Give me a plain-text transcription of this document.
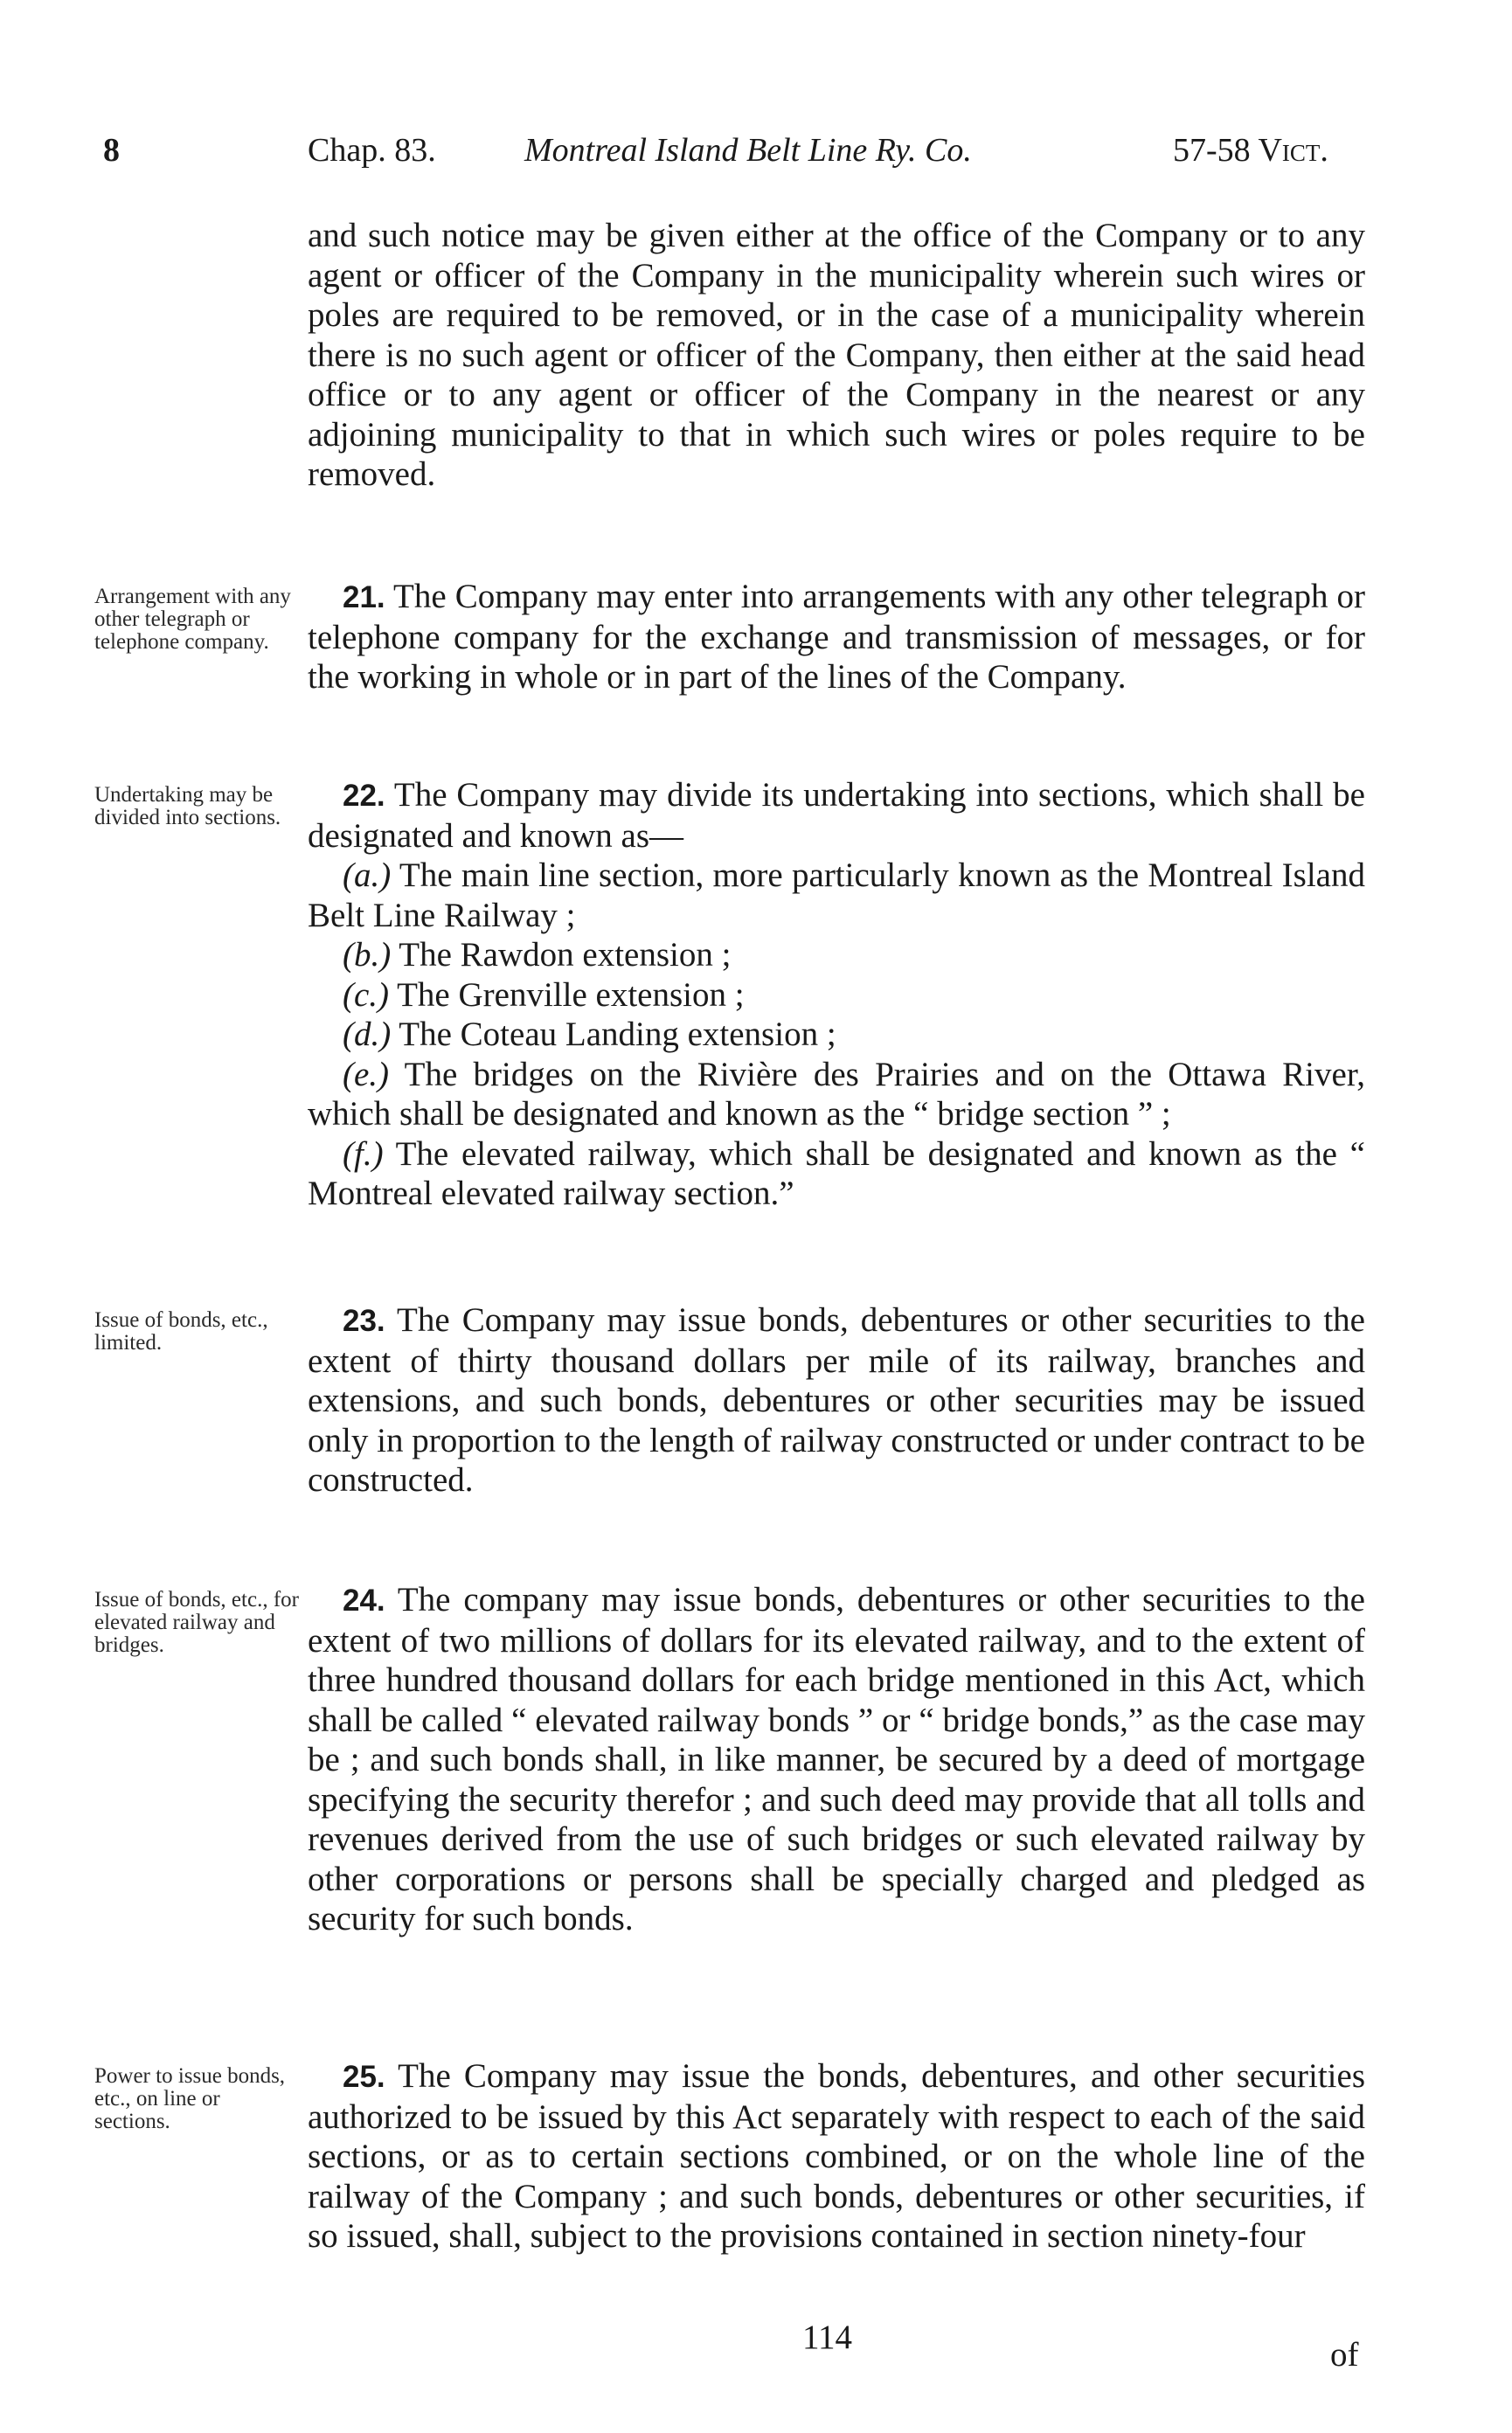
8	Chap. 83.	Montreal Island Belt Line Ry. Co.	57-58 Vict.

and such notice may be given either at the office of the Company or to any agent or officer of the Company in the municipality wherein such wires or poles are required to be removed, or in the case of a municipality wherein there is no such agent or officer of the Company, then either at the said head office or to any agent or officer of the Company in the nearest or any adjoining municipality to that in which such wires or poles require to be removed.

Arrangement with any other telegraph or telephone company.

21. The Company may enter into arrangements with any other telegraph or telephone company for the exchange and transmission of messages, or for the working in whole or in part of the lines of the Company.

Undertaking may be divided into sections.

22. The Company may divide its undertaking into sections, which shall be designated and known as—

(a.) The main line section, more particularly known as the Montreal Island Belt Line Railway ;

(b.) The Rawdon extension ;

(c.) The Grenville extension ;

(d.) The Coteau Landing extension ;

(e.) The bridges on the Rivière des Prairies and on the Ottawa River, which shall be designated and known as the “ bridge section ” ;

(f.) The elevated railway, which shall be designated and known as the “ Montreal elevated railway section.”

Issue of bonds, etc., limited.

23. The Company may issue bonds, debentures or other securities to the extent of thirty thousand dollars per mile of its railway, branches and extensions, and such bonds, debentures or other securities may be issued only in proportion to the length of railway constructed or under contract to be constructed.

Issue of bonds, etc., for elevated railway and bridges.

24. The company may issue bonds, debentures or other securities to the extent of two millions of dollars for its elevated railway, and to the extent of three hundred thousand dollars for each bridge mentioned in this Act, which shall be called “ elevated railway bonds ” or “ bridge bonds,” as the case may be ; and such bonds shall, in like manner, be secured by a deed of mortgage specifying the security therefor ; and such deed may provide that all tolls and revenues derived from the use of such bridges or such elevated railway by other corporations or persons shall be specially charged and pledged as security for such bonds.

Power to issue bonds, etc., on line or sections.

25. The Company may issue the bonds, debentures, and other securities authorized to be issued by this Act separately with respect to each of the said sections, or as to certain sections combined, or on the whole line of the railway of the Company ; and such bonds, debentures or other securities, if so issued, shall, subject to the provisions contained in section ninety-four

114	of
